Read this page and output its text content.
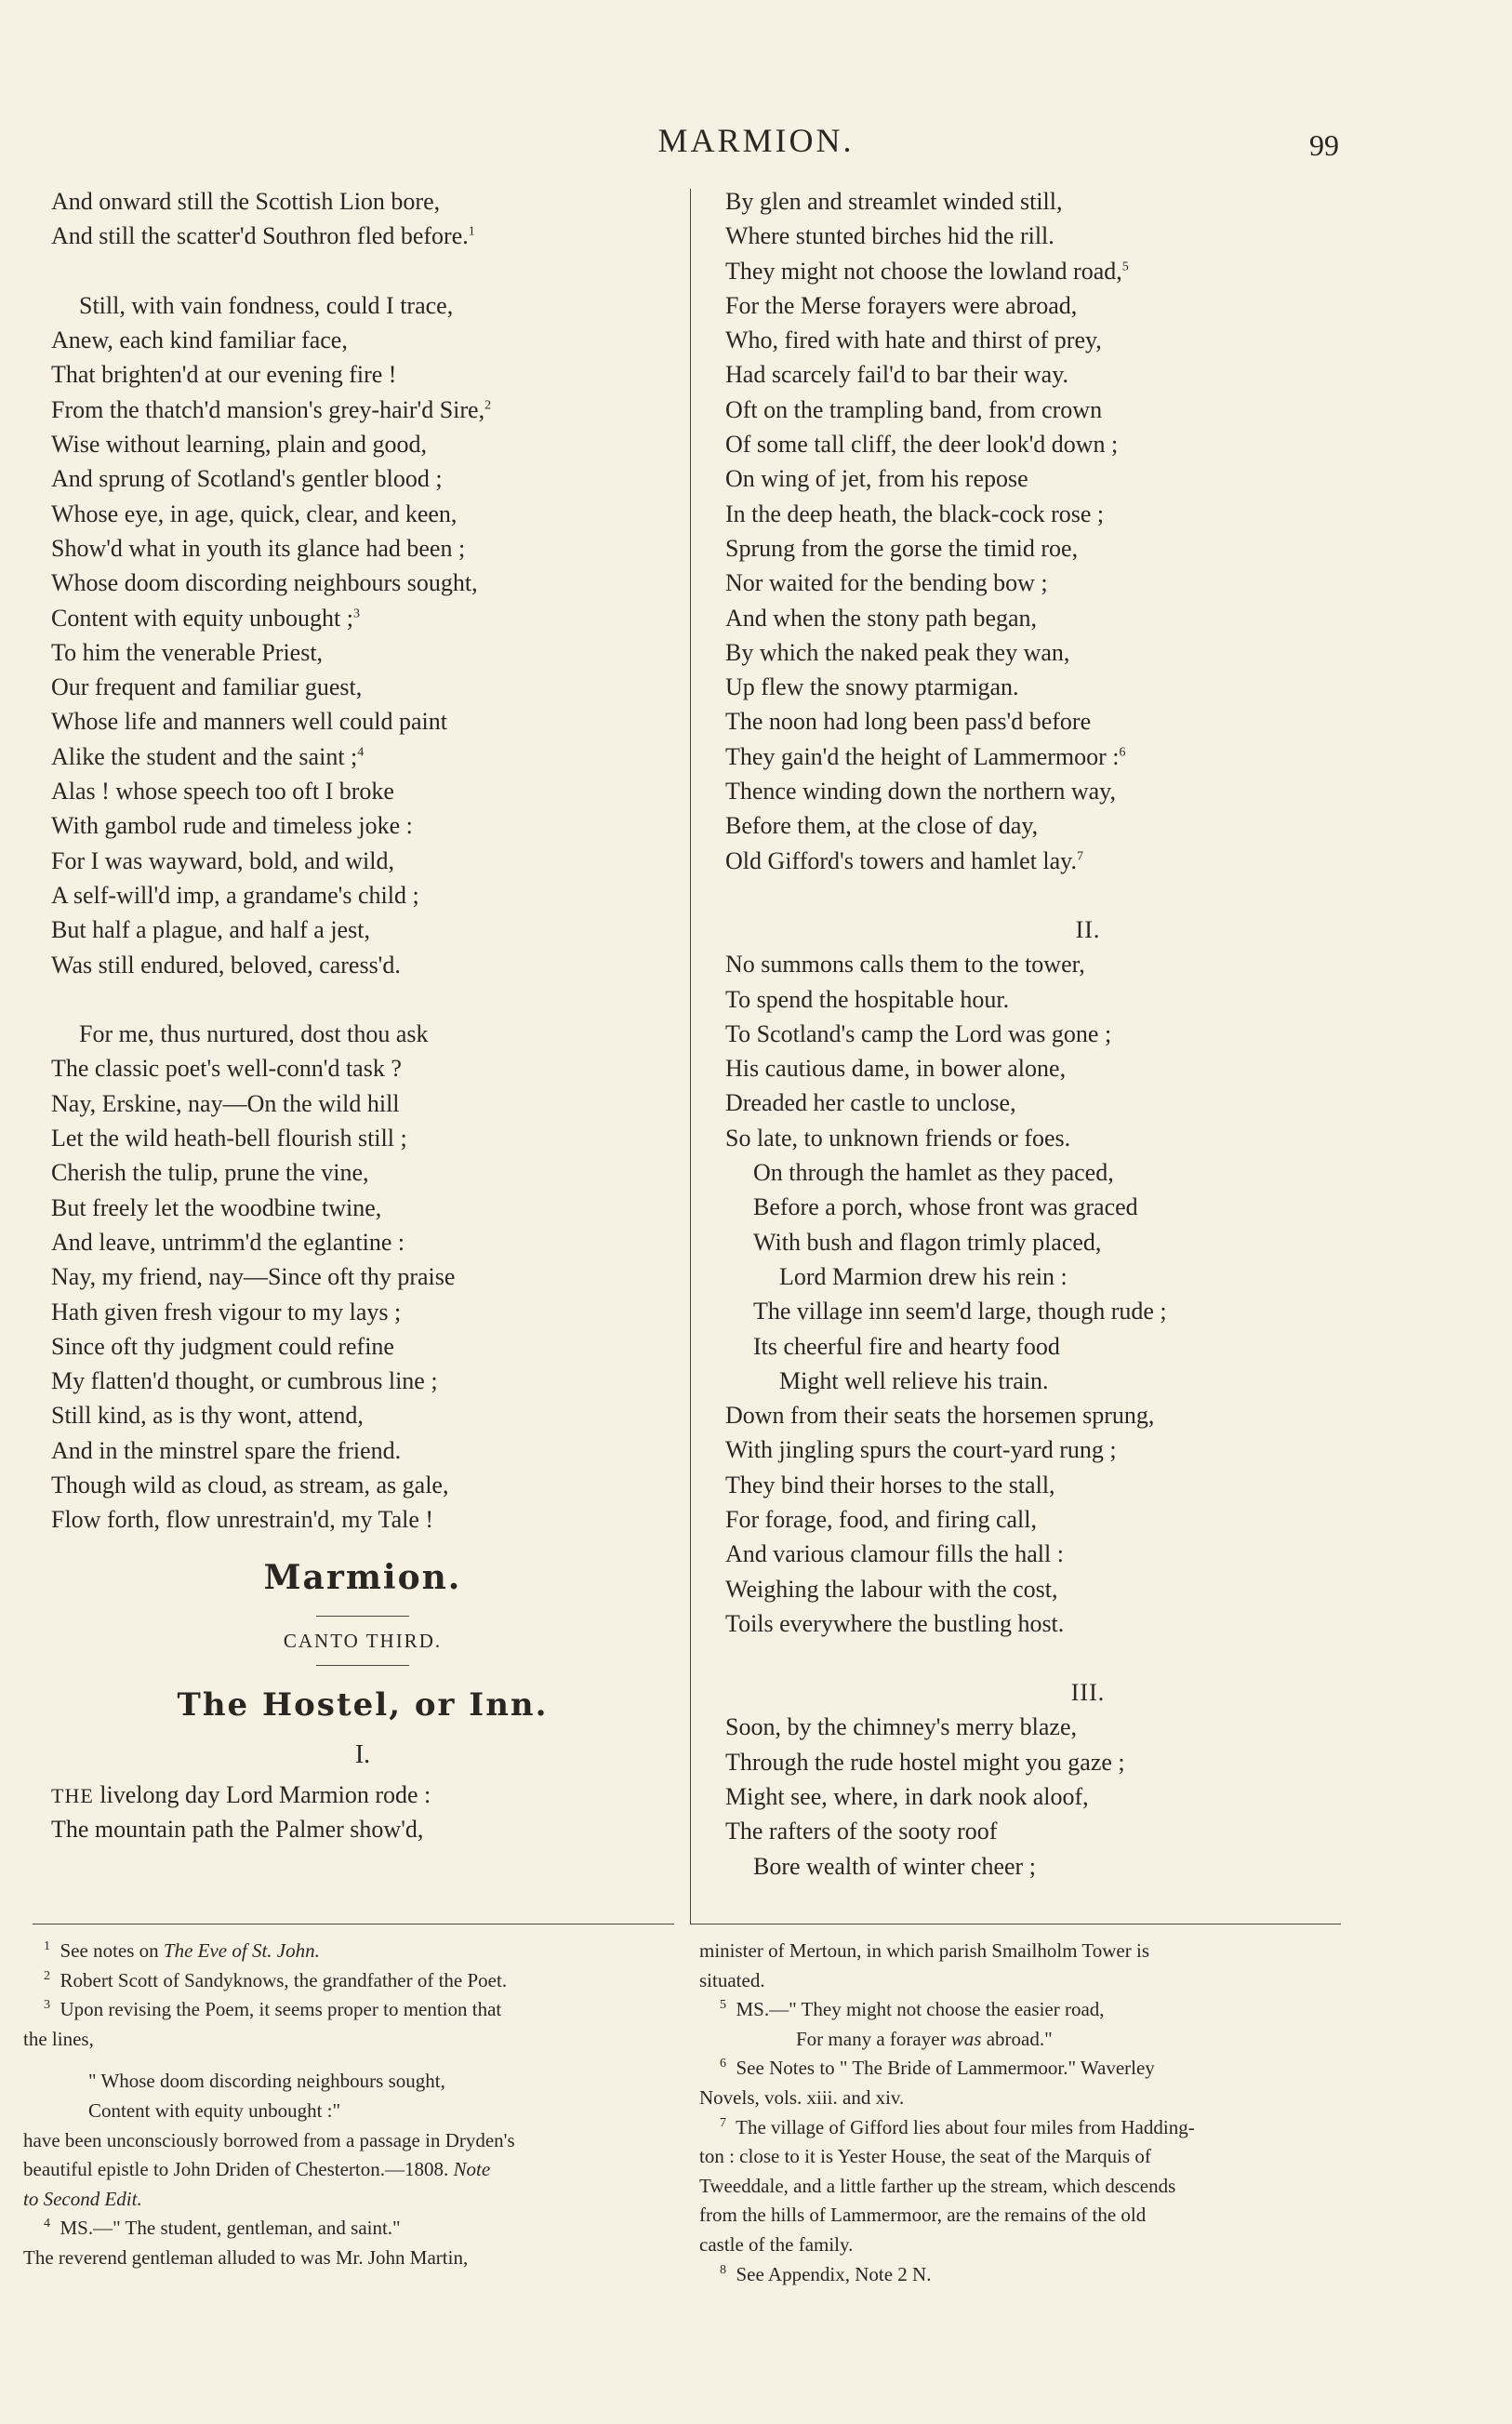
MARMION.	99
And onward still the Scottish Lion bore,
And still the scatter'd Southron fled before.$^1$
Still, with vain fondness, could I trace,
Anew, each kind familiar face,
That brighten'd at our evening fire !
From the thatch'd mansion's grey-hair'd Sire,$^2$
Wise without learning, plain and good,
And sprung of Scotland's gentler blood ;
Whose eye, in age, quick, clear, and keen,
Show'd what in youth its glance had been ;
Whose doom discording neighbours sought,
Content with equity unbought ;$^3$
To him the venerable Priest,
Our frequent and familiar guest,
Whose life and manners well could paint
Alike the student and the saint ;$^4$
Alas ! whose speech too oft I broke
With gambol rude and timeless joke :
For I was wayward, bold, and wild,
A self-will'd imp, a grandame's child ;
But half a plague, and half a jest,
Was still endured, beloved, caress'd.
For me, thus nurtured, dost thou ask
The classic poet's well-conn'd task ?
Nay, Erskine, nay—On the wild hill
Let the wild heath-bell flourish still ;
Cherish the tulip, prune the vine,
But freely let the woodbine twine,
And leave, untrimm'd the eglantine :
Nay, my friend, nay—Since oft thy praise
Hath given fresh vigour to my lays ;
Since oft thy judgment could refine
My flatten'd thought, or cumbrous line ;
Still kind, as is thy wont, attend,
And in the minstrel spare the friend.
Though wild as cloud, as stream, as gale,
Flow forth, flow unrestrain'd, my Tale !
Marmion.
CANTO THIRD.
The Hostel, or Inn.
I.
THE livelong day Lord Marmion rode :
The mountain path the Palmer show'd,
By glen and streamlet winded still,
Where stunted birches hid the rill.
They might not choose the lowland road,$^5$
For the Merse forayers were abroad,
Who, fired with hate and thirst of prey,
Had scarcely fail'd to bar their way.
Oft on the trampling band, from crown
Of some tall cliff, the deer look'd down ;
On wing of jet, from his repose
In the deep heath, the black-cock rose ;
Sprung from the gorse the timid roe,
Nor waited for the bending bow ;
And when the stony path began,
By which the naked peak they wan,
Up flew the snowy ptarmigan.
The noon had long been pass'd before
They gain'd the height of Lammermoor :$^6$
Thence winding down the northern way,
Before them, at the close of day,
Old Gifford's towers and hamlet lay.$^7$
II.
No summons calls them to the tower,
To spend the hospitable hour.
To Scotland's camp the Lord was gone ;
His cautious dame, in bower alone,
Dreaded her castle to unclose,
So late, to unknown friends or foes.
On through the hamlet as they paced,
Before a porch, whose front was graced
With bush and flagon trimly placed,
Lord Marmion drew his rein :
The village inn seem'd large, though rude ;
Its cheerful fire and hearty food
Might well relieve his train.
Down from their seats the horsemen sprung,
With jingling spurs the court-yard rung ;
They bind their horses to the stall,
For forage, food, and firing call,
And various clamour fills the hall :
Weighing the labour with the cost,
Toils everywhere the bustling host.
III.
Soon, by the chimney's merry blaze,
Through the rude hostel might you gaze ;
Might see, where, in dark nook aloof,
The rafters of the sooty roof
Bore wealth of winter cheer ;
$^1$ See notes on The Eve of St. John.
$^2$ Robert Scott of Sandyknows, the grandfather of the Poet.
$^3$ Upon revising the Poem, it seems proper to mention that
the lines,
" Whose doom discording neighbours sought,
Content with equity unbought :"
have been unconsciously borrowed from a passage in Dryden's
beautiful epistle to John Driden of Chesterton.—1808. Note
to Second Edit.
$^4$ MS.—" The student, gentleman, and saint."
The reverend gentleman alluded to was Mr. John Martin,
minister of Mertoun, in which parish Smailholm Tower is
situated.
$^5$ MS.—" They might not choose the easier road,
For many a forayer was abroad."
$^6$ See Notes to " The Bride of Lammermoor." Waverley
Novels, vols. xiii. and xiv.
$^7$ The village of Gifford lies about four miles from Hadding-
ton : close to it is Yester House, the seat of the Marquis of
Tweeddale, and a little farther up the stream, which descends
from the hills of Lammermoor, are the remains of the old
castle of the family.
$^8$ See Appendix, Note 2 N.
